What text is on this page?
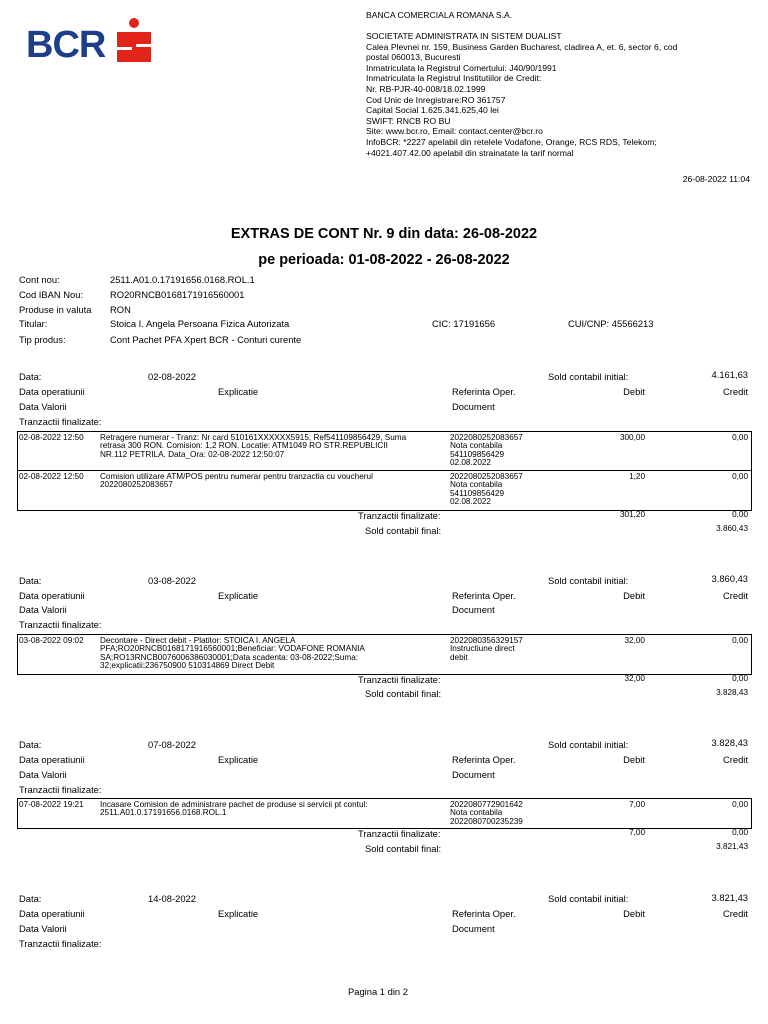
BCR
BANCA COMERCIALA ROMANA S.A.
SOCIETATE ADMINISTRATA IN SISTEM DUALIST
Calea Plevnei nr. 159, Business Garden Bucharest, cladirea A, et. 6, sector 6, cod
postal 060013, Bucuresti
Inmatriculata la Registrul Comertului: J40/90/1991
Inmatriculata la Registrul Institutiilor de Credit:
Nr. RB-PJR-40-008/18.02.1999
Cod Unic de Inregistrare:RO 361757
Capital Social 1.625.341.625,40 lei
SWIFT: RNCB RO BU
Site: www.bcr.ro, Email: contact.center@bcr.ro
InfoBCR: *2227 apelabil din retelele Vodafone, Orange, RCS RDS, Telekom;
+4021.407.42.00 apelabil din strainatate la tarif normal
26-08-2022 11:04
EXTRAS DE CONT Nr. 9 din data: 26-08-2022
pe perioada: 01-08-2022 - 26-08-2022
Cont nou:	2511.A01.0.17191656.0168.ROL.1
Cod IBAN Nou:	RO20RNCB0168171916560001
Produse in valuta RON
Titular:	Stoica I. Angela Persoana Fizica Autorizata	CIC: 17191656	CUI/CNP: 45566213
Tip produs:	Cont Pachet PFA Xpert BCR - Conturi curente
Data:	02-08-2022	Sold contabil initial:	4.161,63
Data operatiunii	Explicatie	Referinta Oper.	Debit	Credit
Data Valorii	Document
Tranzactii finalizate:
02-08-2022 12:50 Retragere numerar - Tranz: Nr card 510161XXXXXX5915, Ref541109856429, Suma
retrasa 300 RON. Comision: 1,2 RON. Locatie: ATM1049 RO STR.REPUBLICII
NR.112 PETRILA. Data_Ora: 02-08-2022 12:50:07
2022080252083657
Nota contabila
541109856429
02.08.2022
300,00	0,00
02-08-2022 12:50 Comision utilizare ATM/POS pentru numerar pentru tranzactia cu voucherul
2022080252083657
2022080252083657
Nota contabila
541109856429
02.08.2022
1,20	0,00
Tranzactii finalizate:	301,20	0,00
Sold contabil final:	3.860,43
Data:	03-08-2022	Sold contabil initial:	3.860,43
Data operatiunii	Explicatie	Referinta Oper.	Debit	Credit
Data Valorii	Document
Tranzactii finalizate:
03-08-2022 09:02 Decontare - Direct debit - Platitor: STOICA I. ANGELA
PFA;RO20RNCB0168171916560001;Beneficiar: VODAFONE ROMANIA
SA;RO13RNCB0076006386030001;Data scadenta: 03-08-2022;Suma:
32;explicatii:236750900 510314869 Direct Debit
2022080356329157
Instructiune direct
debit
32,00	0,00
Tranzactii finalizate:	32,00	0,00
Sold contabil final:	3.828,43
Data:	07-08-2022	Sold contabil initial:	3.828,43
Data operatiunii	Explicatie	Referinta Oper.	Debit	Credit
Data Valorii	Document
Tranzactii finalizate:
07-08-2022 19:21 Incasare Comision de administrare pachet de produse si servicii pt contul:
2511.A01.0.17191656.0168.ROL.1
2022080772901642
Nota contabila
2022080700235239
7,00	0,00
Tranzactii finalizate:	7,00	0,00
Sold contabil final:	3.821,43
Data:	14-08-2022	Sold contabil initial:	3.821,43
Data operatiunii	Explicatie	Referinta Oper.	Debit	Credit
Data Valorii	Document
Tranzactii finalizate:
Pagina 1 din 2
